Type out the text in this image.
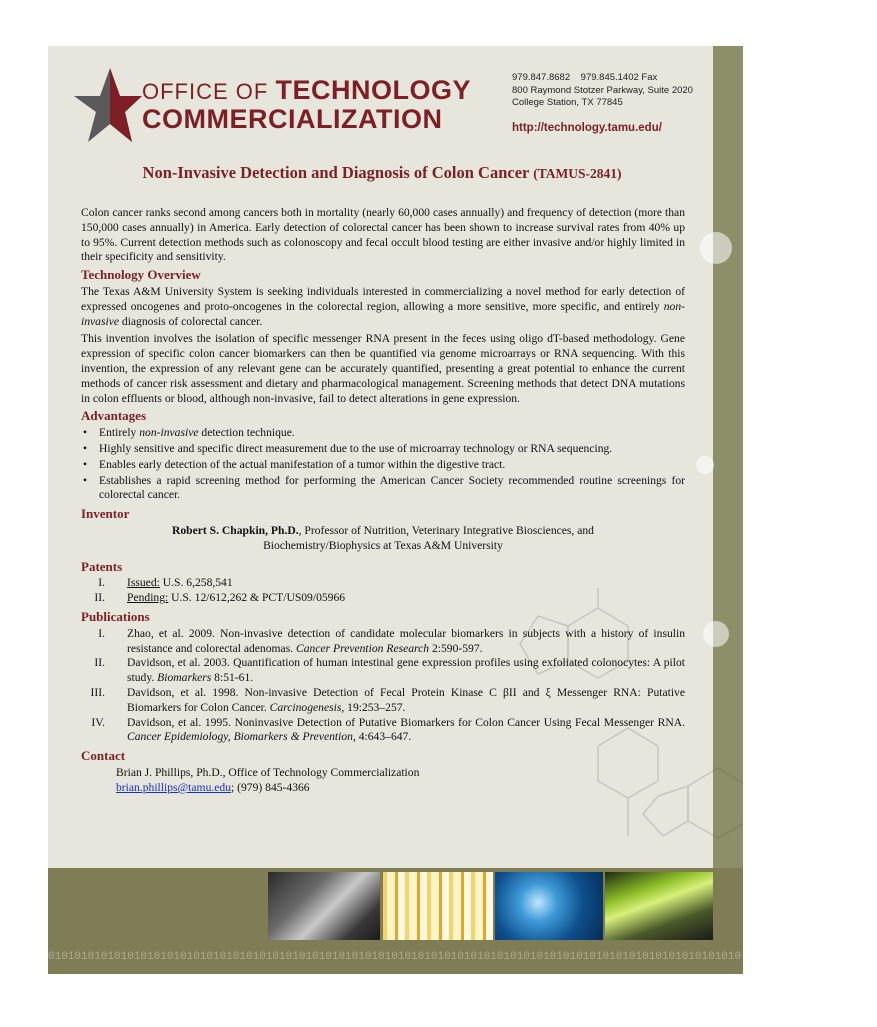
OFFICE OF TECHNOLOGY
COMMERCIALIZATION
979.847.8682    979.845.1402 Fax
800 Raymond Stotzer Parkway, Suite 2020
College Station, TX 77845
http://technology.tamu.edu/
Non-Invasive Detection and Diagnosis of Colon Cancer (TAMUS-2841)

Colon cancer ranks second among cancers both in mortality (nearly 60,000 cases annually) and frequency of detection (more than 150,000 cases annually) in America. Early detection of colorectal cancer has been shown to increase survival rates from 40% up to 95%. Current detection methods such as colonoscopy and fecal occult blood testing are either invasive and/or highly limited in their specificity and sensitivity.

Technology Overview

The Texas A&M University System is seeking individuals interested in commercializing a novel method for early detection of expressed oncogenes and proto-oncogenes in the colorectal region, allowing a more sensitive, more specific, and entirely non-invasive diagnosis of colorectal cancer.

This invention involves the isolation of specific messenger RNA present in the feces using oligo dT-based methodology. Gene expression of specific colon cancer biomarkers can then be quantified via genome microarrays or RNA sequencing. With this invention, the expression of any relevant gene can be accurately quantified, presenting a great potential to enhance the current methods of cancer risk assessment and dietary and pharmacological management. Screening methods that detect DNA mutations in colon effluents or blood, although non-invasive, fail to detect alterations in gene expression.

Advantages
• Entirely non-invasive detection technique.
• Highly sensitive and specific direct measurement due to the use of microarray technology or RNA sequencing.
• Enables early detection of the actual manifestation of a tumor within the digestive tract.
• Establishes a rapid screening method for performing the American Cancer Society recommended routine screenings for colorectal cancer.
Inventor
Robert S. Chapkin, Ph.D., Professor of Nutrition, Veterinary Integrative Biosciences, and
Biochemistry/Biophysics at Texas A&M University
Patents
I. Issued: U.S. 6,258,541
II. Pending: U.S. 12/612,262 & PCT/US09/05966
Publications
I. Zhao, et al. 2009. Non-invasive detection of candidate molecular biomarkers in subjects with a history of insulin resistance and colorectal adenomas. Cancer Prevention Research 2:590-597.
II. Davidson, et al. 2003. Quantification of human intestinal gene expression profiles using exfoliated colonocytes: A pilot study. Biomarkers 8:51-61.
III. Davidson, et al. 1998. Non-invasive Detection of Fecal Protein Kinase C βII and ξ Messenger RNA: Putative Biomarkers for Colon Cancer. Carcinogenesis, 19:253–257.
IV. Davidson, et al. 1995. Noninvasive Detection of Putative Biomarkers for Colon Cancer Using Fecal Messenger RNA. Cancer Epidemiology, Biomarkers & Prevention, 4:643–647.
Contact
Brian J. Phillips, Ph.D., Office of Technology Commercialization
brian.phillips@tamu.edu; (979) 845-4366
010101010101010101010101010101010101010101010101010101010101010101010101010101010101010101010101010101010
